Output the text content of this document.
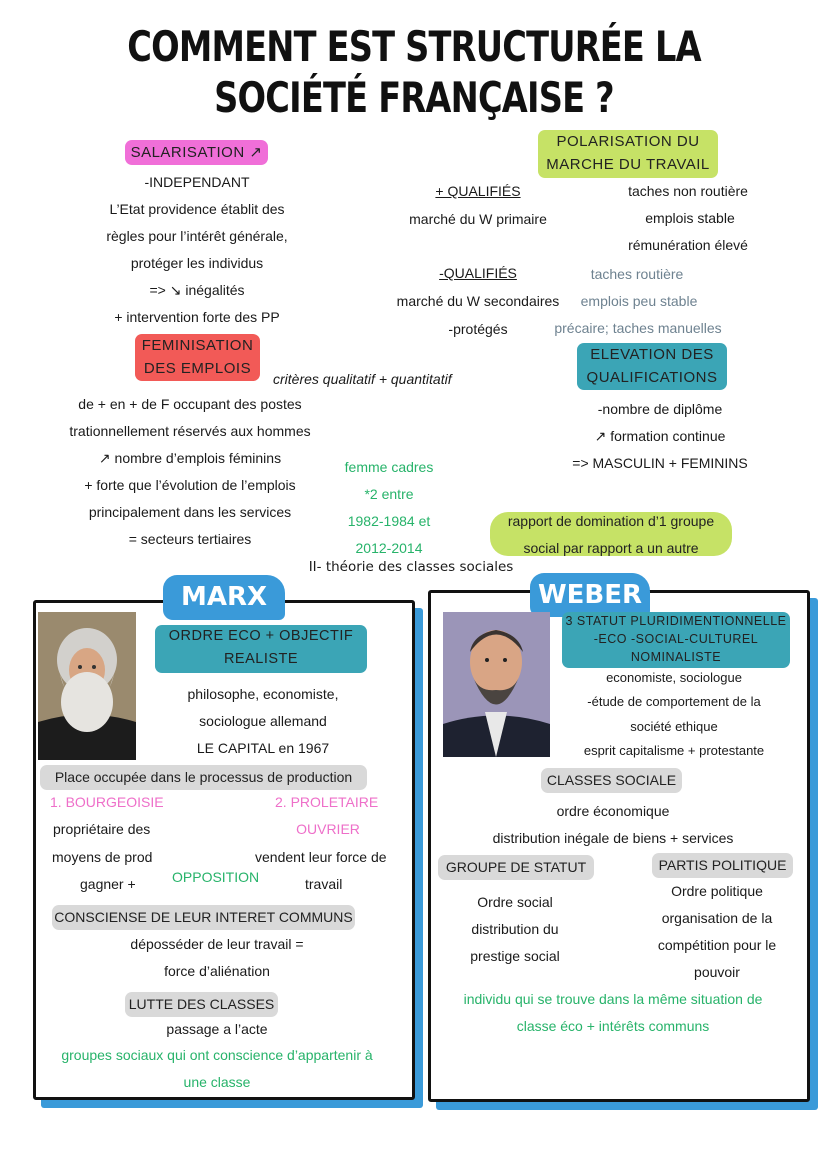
COMMENT EST STRUCTURÉE LA
SOCIÉTÉ FRANÇAISE ?
SALARISATION ↗
-INDEPENDANT
L’Etat providence établit des
règles pour l’intérêt générale,
protéger les individus
=> ↘ inégalités
+ intervention forte des PP
FEMINISATION
DES EMPLOIS
critères qualitatif + quantitatif
de + en + de F occupant des postes
trationnellement réservés aux hommes
↗ nombre d’emplois féminins
+ forte que l’évolution de l’emplois
principalement dans les services
= secteurs tertiaires
femme cadres
*2 entre
1982-1984 et
2012-2014
POLARISATION DU
MARCHE DU TRAVAIL
+ QUALIFIÉS
marché du W primaire
taches non routière
emplois stable
rémunération élevé
-QUALIFIÉS
marché du W secondaires
-protégés
taches routière
emplois peu stable
précaire; taches manuelles
ELEVATION DES
QUALIFICATIONS
-nombre de diplôme
↗ formation continue
=> MASCULIN + FEMININS
rapport de domination d’1 groupe
social par rapport a un autre
II- théorie des classes sociales
MARX
ORDRE ECO + OBJECTIF
REALISTE
philosophe, economiste,
sociologue allemand
LE CAPITAL en 1967
Place occupée dans le processus de production
1. BOURGEOISIE
propriétaire des
moyens de prod
gagner +
2. PROLETAIRE
OUVRIER
vendent leur force de
travail
OPPOSITION
CONSCIENSE DE LEUR INTERET COMMUNS
déposséder de leur travail =
force d’aliénation
LUTTE DES CLASSES
passage a l’acte
groupes sociaux qui ont conscience d’appartenir à
une classe
WEBER
3 STATUT PLURIDIMENTIONNELLE
-ECO -SOCIAL-CULTUREL
NOMINALISTE
economiste, sociologue
-étude de comportement de la
société ethique
esprit capitalisme + protestante
CLASSES SOCIALE
ordre économique
distribution inégale de biens + services
GROUPE DE STATUT	PARTIS POLITIQUE
Ordre social
distribution du
prestige social
Ordre politique
organisation de la
compétition pour le
pouvoir
individu qui se trouve dans la même situation de
classe éco + intérêts communs
